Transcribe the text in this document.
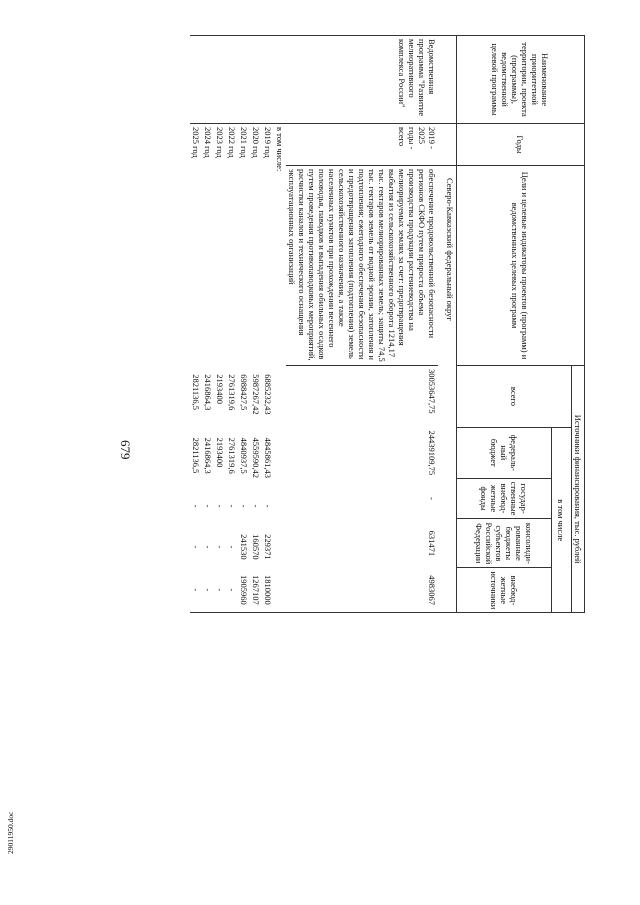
679
Наименование приоритетной территории, проекта (программы), ведомственной целевой программы	Годы	Цели и целевые индикаторы проектов (программ) и ведомственных целевых программ	Источники финансирования, тыс. рублей
всего	в том числе
федераль-ный бюджет	государ-ственные внебюд-жетные фонды	консолиди-рованные бюджеты субъектов Российской Федерации	внебюд-жетные источники
		Северо-Кавказский федеральный округ
Ведомственная программа "Развитие мелиоративного комплекса России"	2019 - 2025 годы - всего	обеспечение продовольственной безопасности регионов СКФО путем прироста объема производства продукции растениеводства на мелиорируемых землях за счет: предотвращения выбытия из сельскохозяйственного оборота 1214,17 тыс. гектаров мелиорированных земель; защиты 74,5 тыс. гектаров земель от водной эрозии, затопления и подтопления; ежегодного обеспечения безопасности и предотвращения затопления (подтопления) земель сельскохозяйственного назначения, а также населенных пунктов при прохождении весеннего половодья, паводков и выпадения обильных осадков путем проведения противопаводковых мероприятий, расчистки каналов и технического оснащения эксплуатационных организаций	30053647,75	24439109,75	-	631471	4983067

в том числе:
2019 год		6885232,43	4845861,43	-	229371	1810000
2020 год		5987267,42	4559590,42	-	160570	1267107
2021 год		6988427,5	4840937,5	-	241530	1905960
2022 год		2761319,6	2761319,6	-	-	-
2023 год		2193400	2193400	-	-	-
2024 год		2416864,3	2416864,3	-	-	-
2025 год		2821136,5	2821136,5	-	-	-
29011950.doc
